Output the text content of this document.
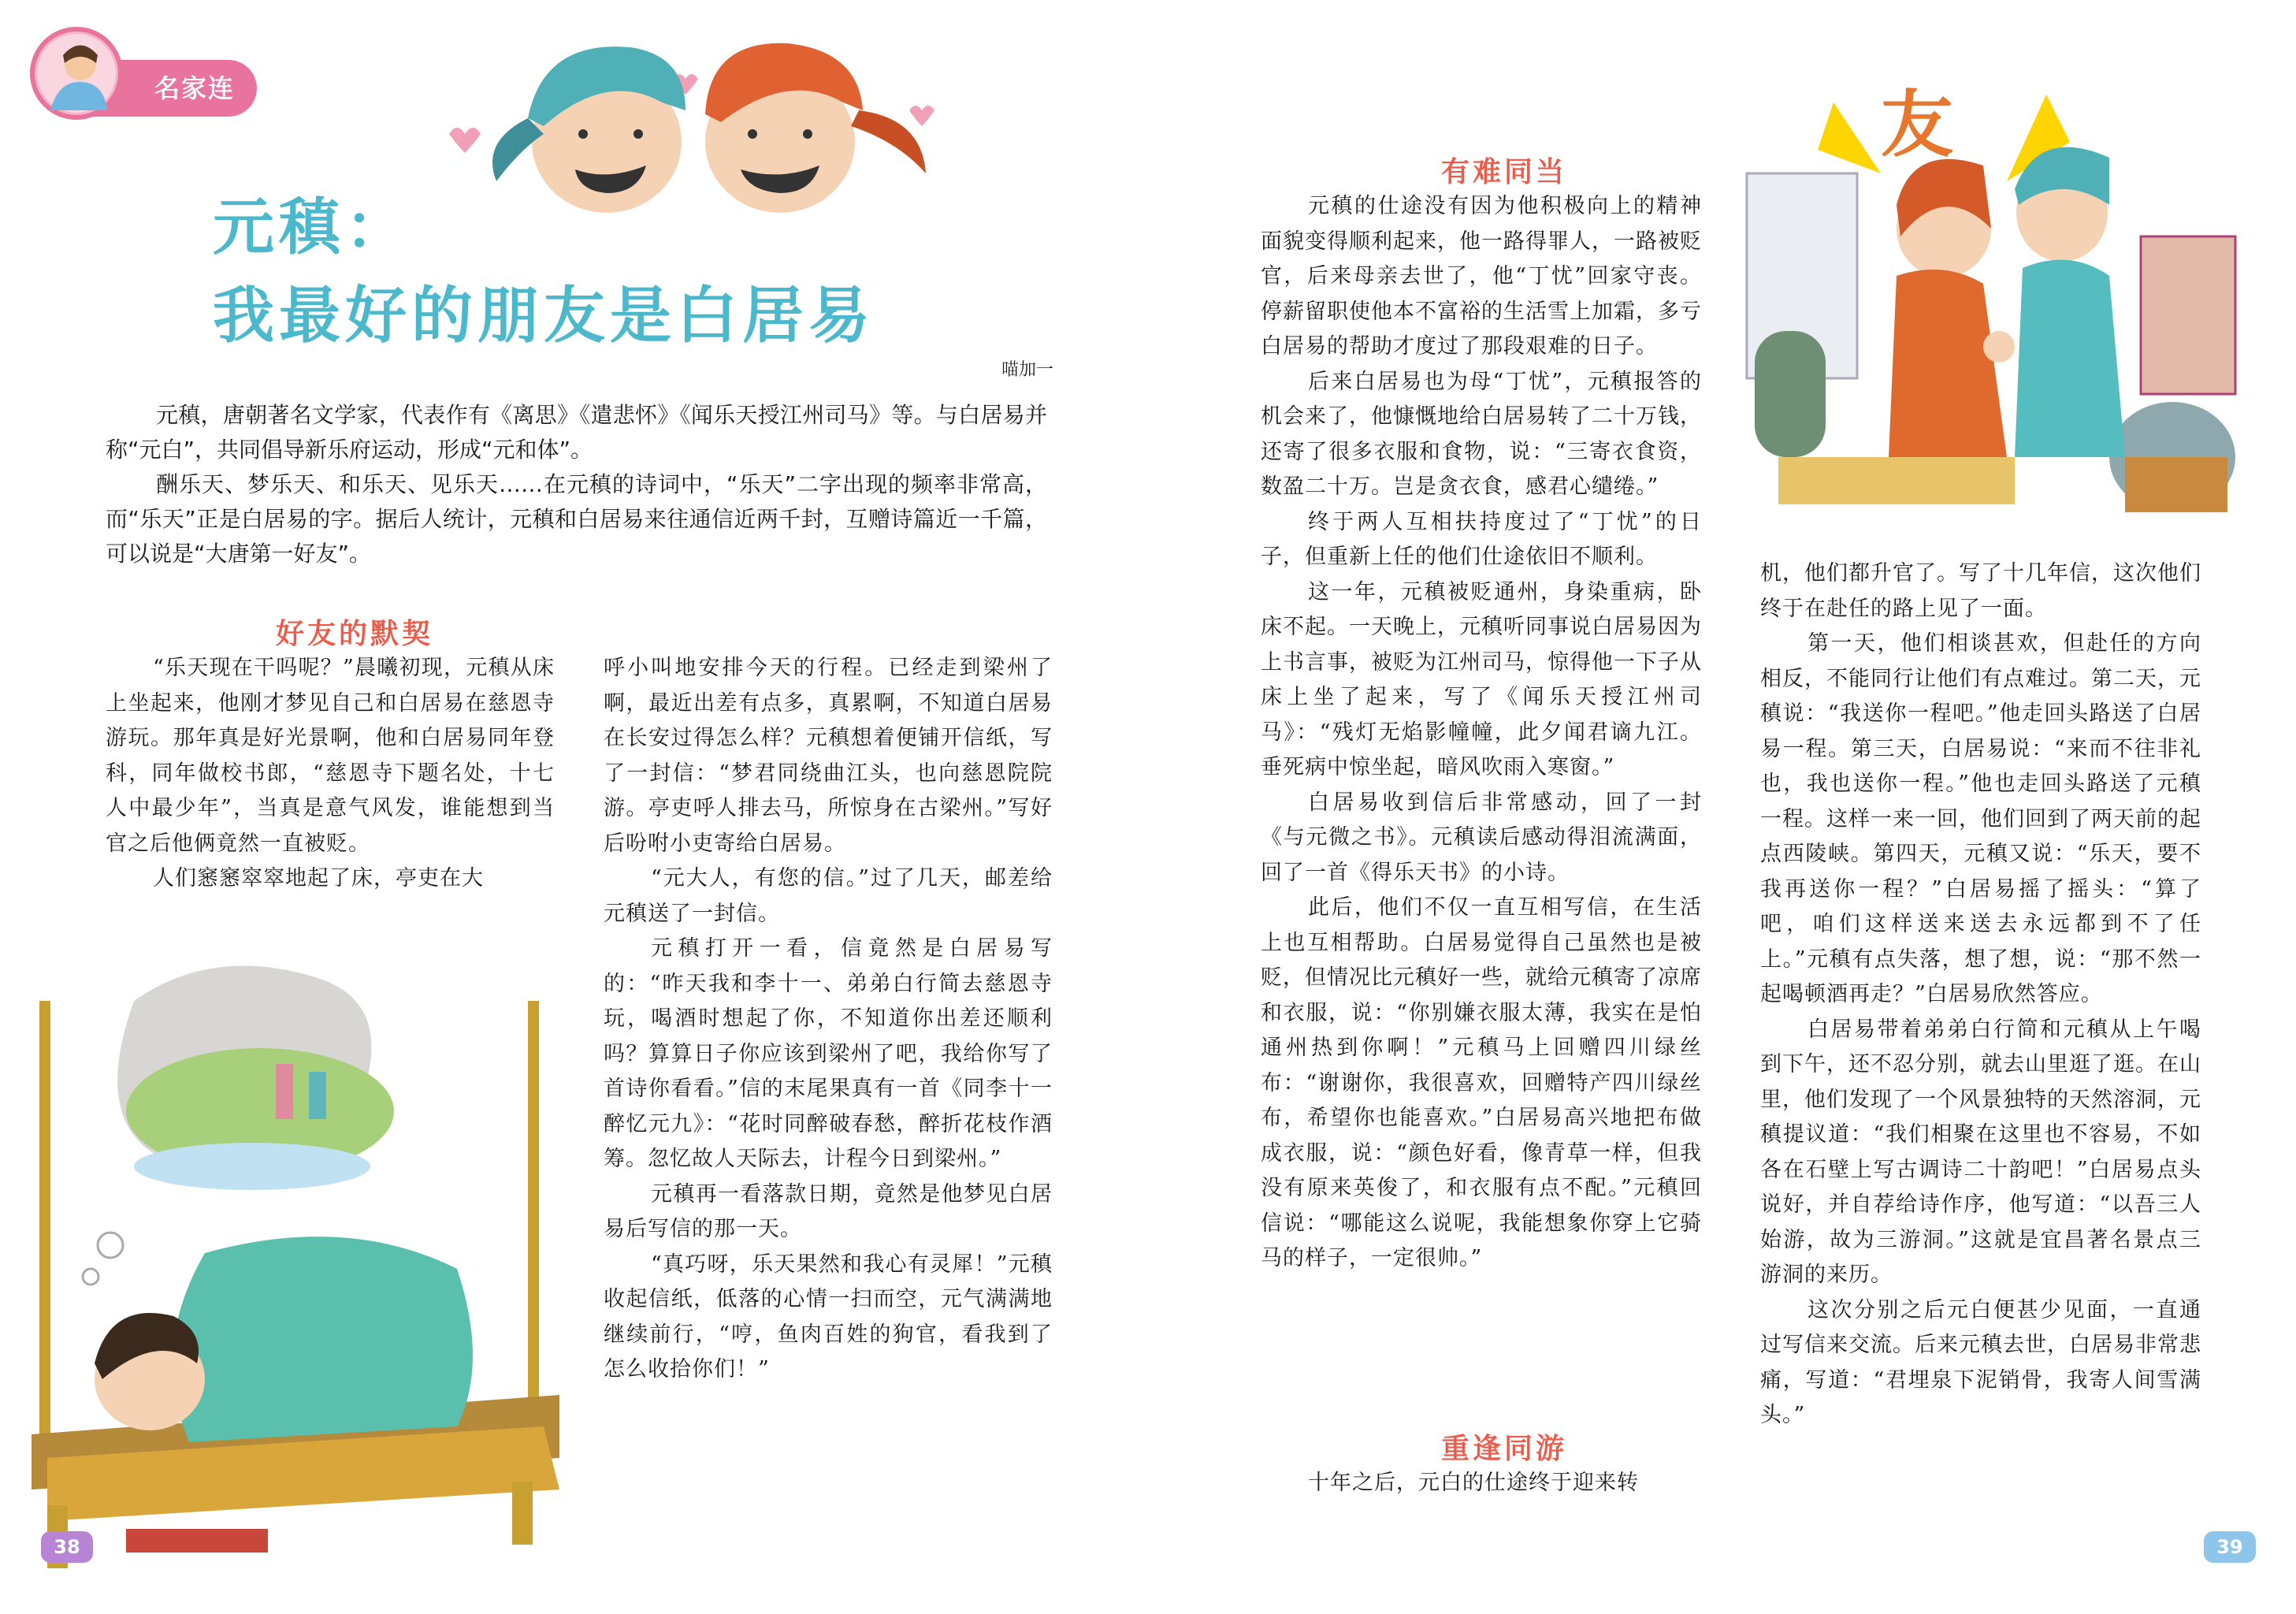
名家连线
元稹：
我最好的朋友是白居易
喵加一

元稹，唐朝著名文学家，代表作有《离思》《遣悲怀》《闻乐天授江州司马》等。与白居易并称“元白”，共同倡导新乐府运动，形成“元和体”。

酬乐天、梦乐天、和乐天、见乐天……在元稹的诗词中，“乐天”二字出现的频率非常高，而“乐天”正是白居易的字。据后人统计，元稹和白居易来往通信近两千封，互赠诗篇近一千篇，可以说是“大唐第一好友”。

好友的默契

“乐天现在干吗呢？”晨曦初现，元稹从床上坐起来，他刚才梦见自己和白居易在慈恩寺游玩。那年真是好光景啊，他和白居易同年登科，同年做校书郎，“慈恩寺下题名处，十七人中最少年”，当真是意气风发，谁能想到当官之后他俩竟然一直被贬。

人们窸窸窣窣地起了床，亭吏在大

呼小叫地安排今天的行程。已经走到梁州了啊，最近出差有点多，真累啊，不知道白居易在长安过得怎么样？元稹想着便铺开信纸，写了一封信：“梦君同绕曲江头，也向慈恩院院游。亭吏呼人排去马，所惊身在古梁州。”写好后吩咐小吏寄给白居易。

“元大人，有您的信。”过了几天，邮差给元稹送了一封信。

元稹打开一看，信竟然是白居易写的：“昨天我和李十一、弟弟白行简去慈恩寺玩，喝酒时想起了你，不知道你出差还顺利吗？算算日子你应该到梁州了吧，我给你写了首诗你看看。”信的末尾果真有一首《同李十一醉忆元九》：“花时同醉破春愁，醉折花枝作酒筹。忽忆故人天际去，计程今日到梁州。”

元稹再一看落款日期，竟然是他梦见白居易后写信的那一天。

“真巧呀，乐天果然和我心有灵犀！”元稹收起信纸，低落的心情一扫而空，元气满满地继续前行，“哼，鱼肉百姓的狗官，看我到了怎么收拾你们！”

38
有难同当

元稹的仕途没有因为他积极向上的精神面貌变得顺利起来，他一路得罪人，一路被贬官，后来母亲去世了，他“丁忧”回家守丧。停薪留职使他本不富裕的生活雪上加霜，多亏白居易的帮助才度过了那段艰难的日子。

后来白居易也为母“丁忧”，元稹报答的机会来了，他慷慨地给白居易转了二十万钱，还寄了很多衣服和食物，说：“三寄衣食资，数盈二十万。岂是贪衣食，感君心缱绻。”

终于两人互相扶持度过了“丁忧”的日子，但重新上任的他们仕途依旧不顺利。

这一年，元稹被贬通州，身染重病，卧床不起。一天晚上，元稹听同事说白居易因为上书言事，被贬为江州司马，惊得他一下子从床上坐了起来，写了《闻乐天授江州司马》：“残灯无焰影幢幢，此夕闻君谪九江。垂死病中惊坐起，暗风吹雨入寒窗。”

白居易收到信后非常感动，回了一封《与元微之书》。元稹读后感动得泪流满面，回了一首《得乐天书》的小诗。

此后，他们不仅一直互相写信，在生活上也互相帮助。白居易觉得自己虽然也是被贬，但情况比元稹好一些，就给元稹寄了凉席和衣服，说：“你别嫌衣服太薄，我实在是怕通州热到你啊！”元稹马上回赠四川绿丝布：“谢谢你，我很喜欢，回赠特产四川绿丝布，希望你也能喜欢。”白居易高兴地把布做成衣服，说：“颜色好看，像青草一样，但我没有原来英俊了，和衣服有点不配。”元稹回信说：“哪能这么说呢，我能想象你穿上它骑马的样子，一定很帅。”

重逢同游

十年之后，元白的仕途终于迎来转

友

机，他们都升官了。写了十几年信，这次他们终于在赴任的路上见了一面。

第一天，他们相谈甚欢，但赴任的方向相反，不能同行让他们有点难过。第二天，元稹说：“我送你一程吧。”他走回头路送了白居易一程。第三天，白居易说：“来而不往非礼也，我也送你一程。”他也走回头路送了元稹一程。这样一来一回，他们回到了两天前的起点西陵峡。第四天，元稹又说：“乐天，要不我再送你一程？”白居易摇了摇头：“算了吧，咱们这样送来送去永远都到不了任上。”元稹有点失落，想了想，说：“那不然一起喝顿酒再走？”白居易欣然答应。

白居易带着弟弟白行简和元稹从上午喝到下午，还不忍分别，就去山里逛了逛。在山里，他们发现了一个风景独特的天然溶洞，元稹提议道：“我们相聚在这里也不容易，不如各在石壁上写古调诗二十韵吧！”白居易点头说好，并自荐给诗作序，他写道：“以吾三人始游，故为三游洞。”这就是宜昌著名景点三游洞的来历。

这次分别之后元白便甚少见面，一直通过写信来交流。后来元稹去世，白居易非常悲痛，写道：“君埋泉下泥销骨，我寄人间雪满头。”

39
